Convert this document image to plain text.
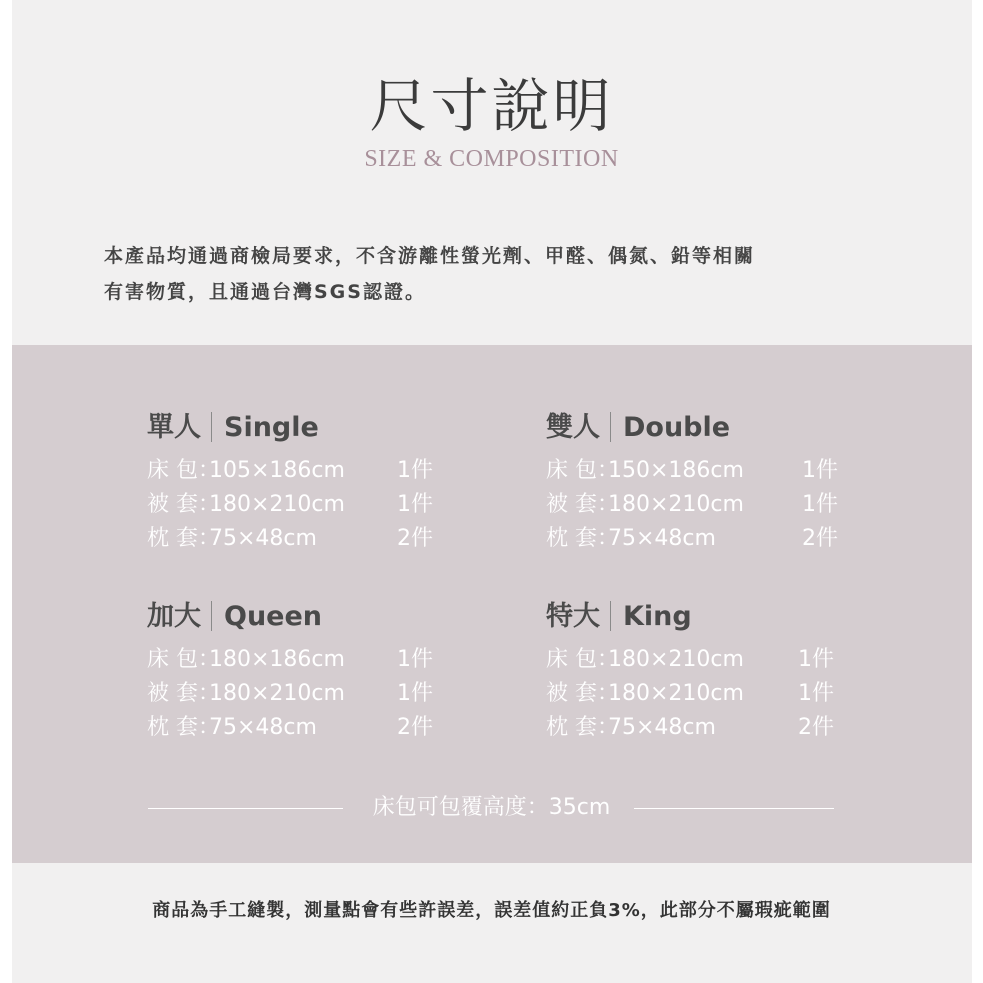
尺寸說明
SIZE & COMPOSITION
本產品均通過商檢局要求，不含游離性螢光劑、甲醛、偶氮、鉛等相關
有害物質，且通過台灣SGS認證。
單人 Single
床 包：
105×186cm 1件
被 套：
180×210cm 1件
枕 套：
75×48cm	2件
雙人 Double
床 包：
150×186cm	1件
被 套：
180×210cm	1件
枕 套：
75×48cm	2件
加大 Queen
床 包：
180×186cm 1件
被 套：
180×210cm 1件
枕 套：
75×48cm	2件
特大 King
床 包：
180×210cm 1件
被 套：
180×210cm 1件
枕 套：
75×48cm	2件
床包可包覆高度：35cm
商品為手工縫製，測量點會有些許誤差，誤差值約正負3%，此部分不屬瑕疵範圍
